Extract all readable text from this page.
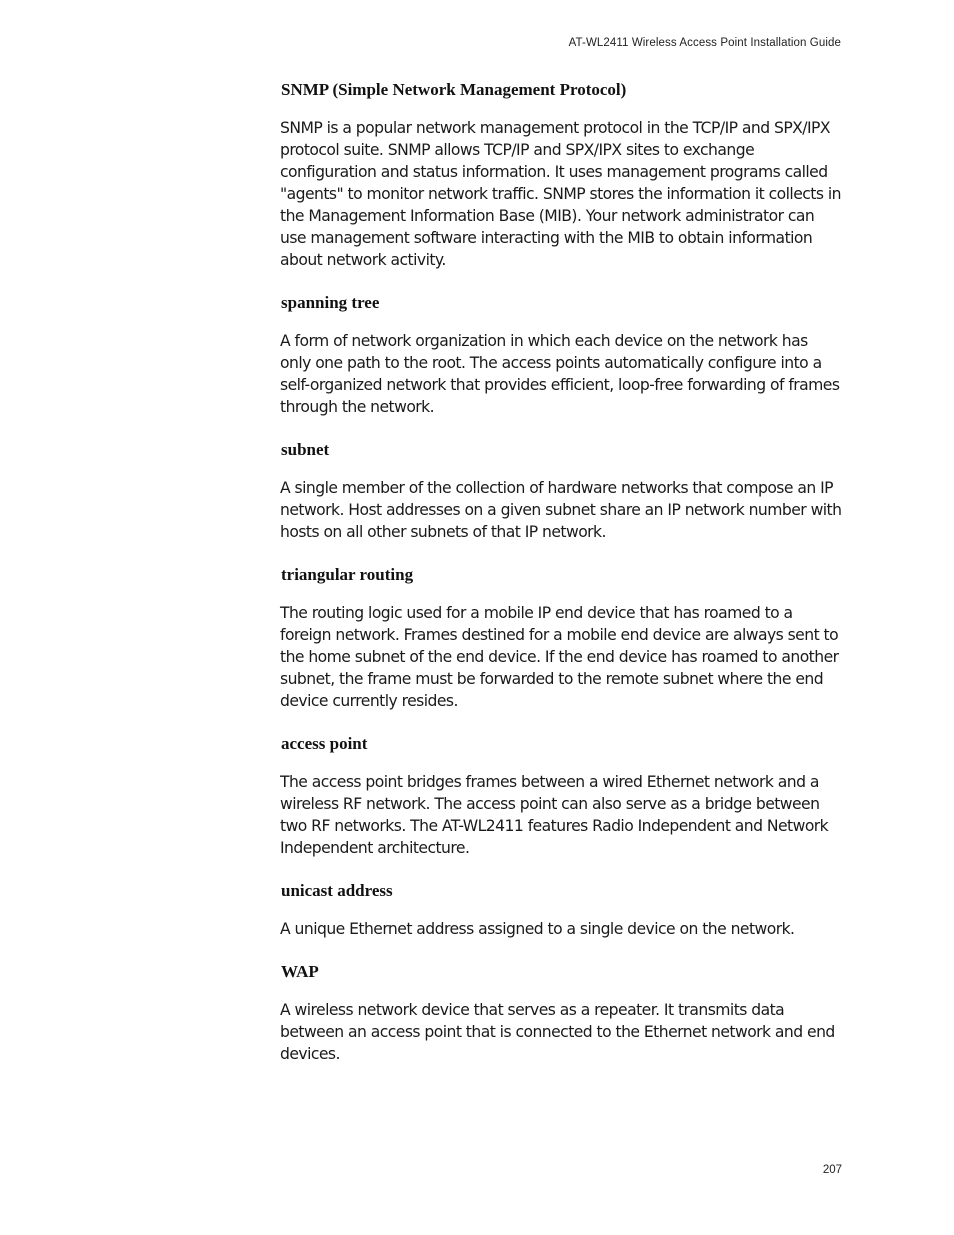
AT-WL2411 Wireless Access Point Installation Guide

SNMP (Simple Network Management Protocol)

SNMP is a popular network management protocol in the TCP/IP and SPX/IPX protocol suite. SNMP allows TCP/IP and SPX/IPX sites to exchange configuration and status information. It uses management programs called "agents" to monitor network traffic. SNMP stores the information it collects in the Management Information Base (MIB). Your network administrator can use management software interacting with the MIB to obtain information about network activity.

spanning tree

A form of network organization in which each device on the network has only one path to the root. The access points automatically configure into a self-organized network that provides efficient, loop-free forwarding of frames through the network.

subnet

A single member of the collection of hardware networks that compose an IP network. Host addresses on a given subnet share an IP network number with hosts on all other subnets of that IP network.

triangular routing

The routing logic used for a mobile IP end device that has roamed to a foreign network. Frames destined for a mobile end device are always sent to the home subnet of the end device. If the end device has roamed to another subnet, the frame must be forwarded to the remote subnet where the end device currently resides.

access point

The access point bridges frames between a wired Ethernet network and a wireless RF network. The access point can also serve as a bridge between two RF networks. The AT-WL2411 features Radio Independent and Network Independent architecture.

unicast address

A unique Ethernet address assigned to a single device on the network.

WAP

A wireless network device that serves as a repeater. It transmits data between an access point that is connected to the Ethernet network and end devices.

207
